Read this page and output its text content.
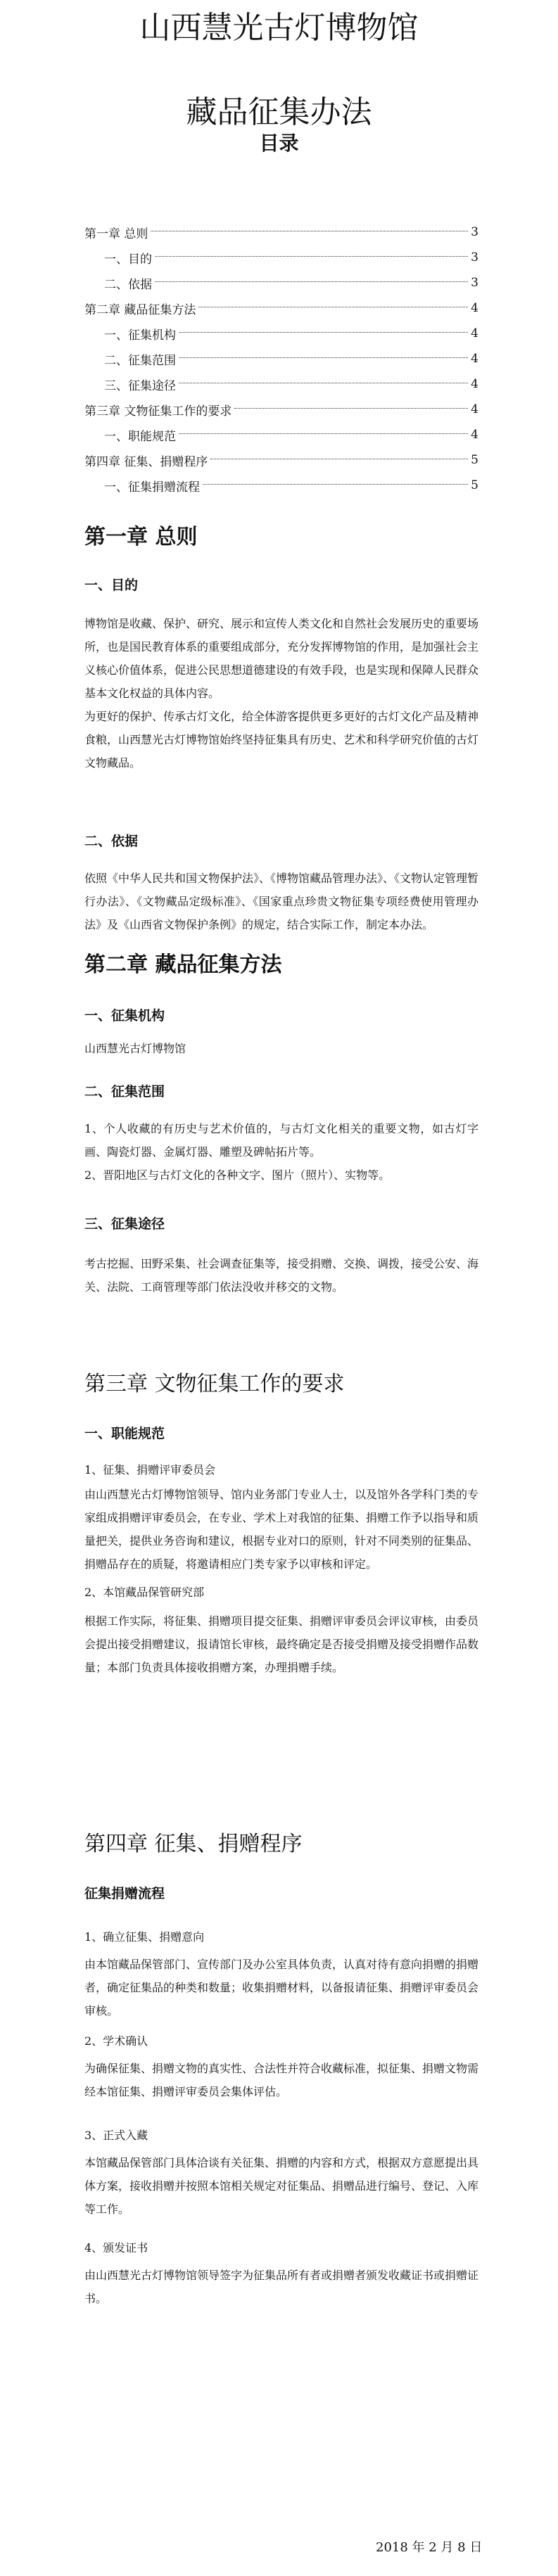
山西慧光古灯博物馆
藏品征集办法
目录
第一章 总则	3
一、目的	3
二、依据	3
第二章 藏品征集方法	4
一、征集机构	4
二、征集范围	4
三、征集途径	4
第三章 文物征集工作的要求	4
一、职能规范	4
第四章 征集、捐赠程序	5
一、征集捐赠流程	5
第一章 总则
一、目的

博物馆是收藏、保护、研究、展示和宣传人类文化和自然社会发展历史的重要场所，也是国民教育体系的重要组成部分，充分发挥博物馆的作用，是加强社会主义核心价值体系，促进公民思想道德建设的有效手段，也是实现和保障人民群众基本文化权益的具体内容。

为更好的保护、传承古灯文化，给全体游客提供更多更好的古灯文化产品及精神食粮，山西慧光古灯博物馆始终坚持征集具有历史、艺术和科学研究价值的古灯文物藏品。

二、依据

依照《中华人民共和国文物保护法》、《博物馆藏品管理办法》、《文物认定管理暂行办法》、《文物藏品定级标准》、《国家重点珍贵文物征集专项经费使用管理办法》及《山西省文物保护条例》的规定，结合实际工作，制定本办法。

第二章 藏品征集方法
一、征集机构

山西慧光古灯博物馆

二、征集范围

1、个人收藏的有历史与艺术价值的，与古灯文化相关的重要文物，如古灯字画、陶瓷灯器、金属灯器、雕塑及碑帖拓片等。

2、晋阳地区与古灯文化的各种文字、图片（照片）、实物等。

三、征集途径

考古挖掘、田野采集、社会调查征集等，接受捐赠、交换、调拨，接受公安、海关、法院、工商管理等部门依法没收并移交的文物。

第三章 文物征集工作的要求
一、职能规范
1、征集、捐赠评审委员会

由山西慧光古灯博物馆领导、馆内业务部门专业人士，以及馆外各学科门类的专家组成捐赠评审委员会，在专业、学术上对我馆的征集、捐赠工作予以指导和质量把关，提供业务咨询和建议，根据专业对口的原则，针对不同类别的征集品、捐赠品存在的质疑，将邀请相应门类专家予以审核和评定。

2、本馆藏品保管研究部

根据工作实际，将征集、捐赠项目提交征集、捐赠评审委员会评议审核，由委员会提出接受捐赠建议，报请馆长审核，最终确定是否接受捐赠及接受捐赠作品数量；本部门负责具体接收捐赠方案，办理捐赠手续。

第四章 征集、捐赠程序
征集捐赠流程
1、确立征集、捐赠意向

由本馆藏品保管部门、宣传部门及办公室具体负责，认真对待有意向捐赠的捐赠者，确定征集品的种类和数量；收集捐赠材料，以备报请征集、捐赠评审委员会审核。

2、学术确认

为确保征集、捐赠文物的真实性、合法性并符合收藏标准，拟征集、捐赠文物需经本馆征集、捐赠评审委员会集体评估。

3、正式入藏

本馆藏品保管部门具体洽谈有关征集、捐赠的内容和方式，根据双方意愿提出具体方案，接收捐赠并按照本馆相关规定对征集品、捐赠品进行编号、登记、入库等工作。

4、颁发证书

由山西慧光古灯博物馆领导签字为征集品所有者或捐赠者颁发收藏证书或捐赠证书。

2018 年 2 月 8 日
